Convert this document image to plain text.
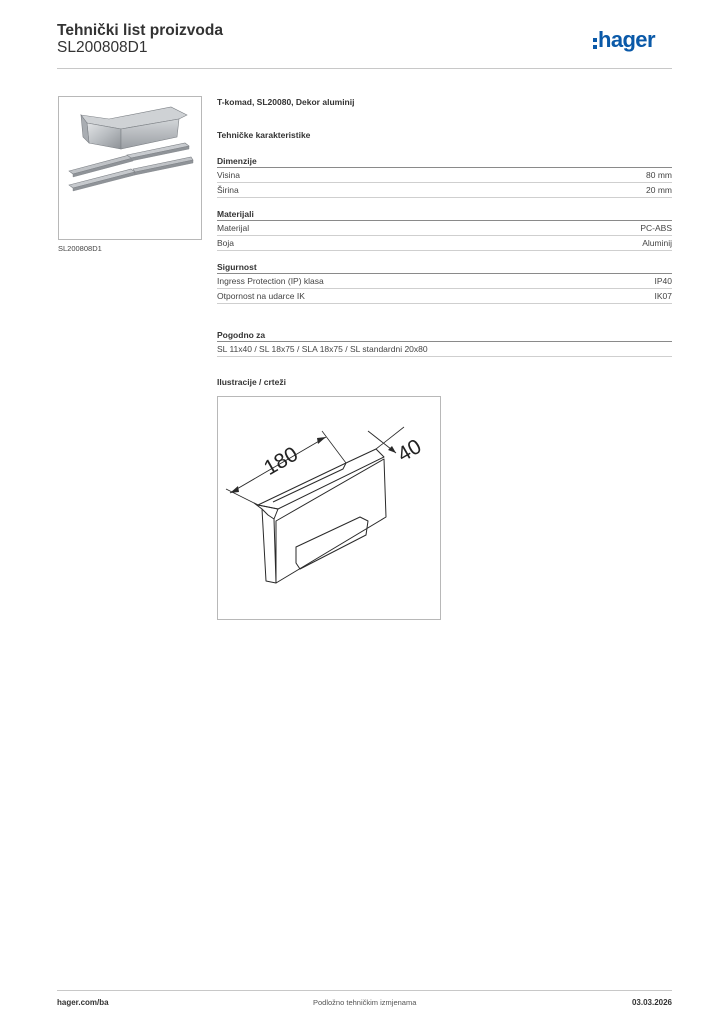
Tehnički list proizvoda
SL200808D1	hager
SL200808D1
T-komad, SL20080, Dekor aluminij
Tehničke karakteristike
Dimenzije
Visina	80 mm
Širina	20 mm
Materijali
Materijal	PC-ABS
Boja	Aluminij
Sigurnost
Ingress Protection (IP) klasa	IP40
Otpornost na udarce IK	IK07
Pogodno za
SL 11x40 / SL 18x75 / SLA 18x75 / SL standardni 20x80
Ilustracije / crteži
180	40
hager.com/ba	Podložno tehničkim izmjenama	03.03.2026
